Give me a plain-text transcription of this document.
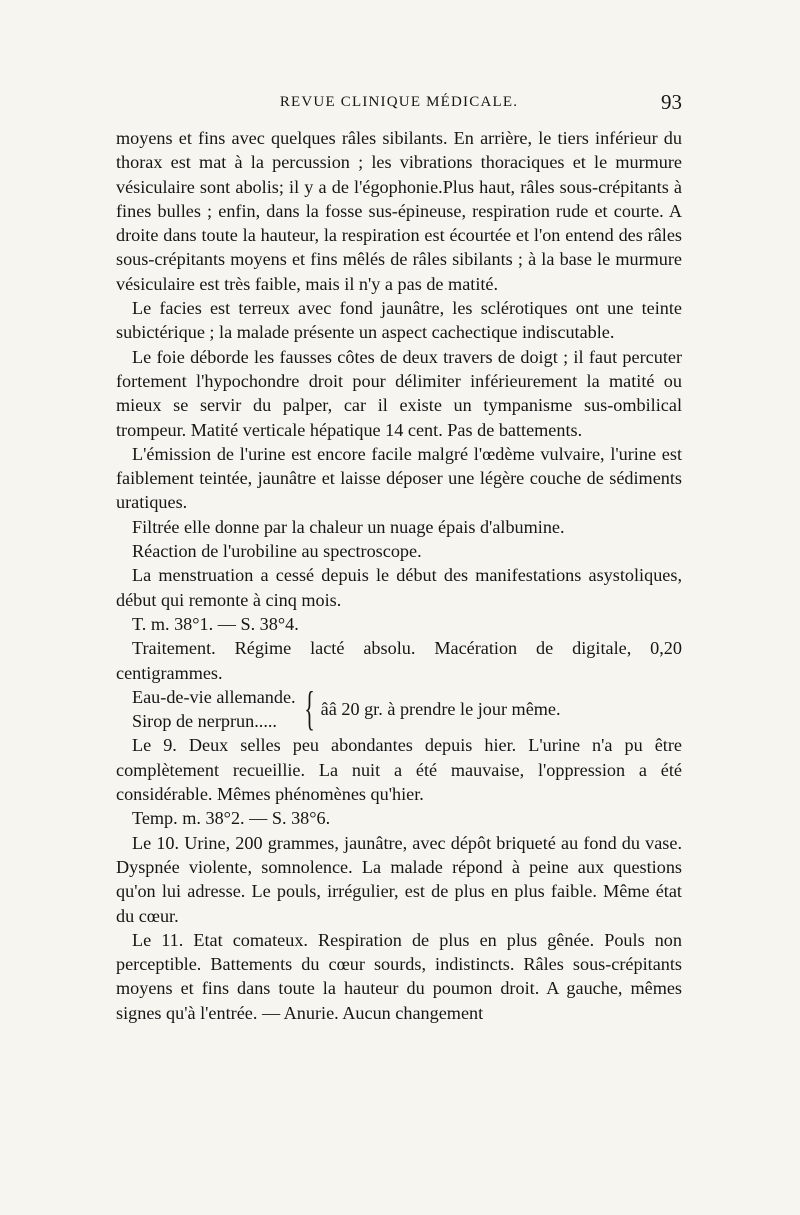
REVUE CLINIQUE MÉDICALE.	93

moyens et fins avec quelques râles sibilants. En arrière, le tiers inférieur du thorax est mat à la percussion ; les vibrations thoraciques et le murmure vésiculaire sont abolis; il y a de l'égophonie.Plus haut, râles sous-crépitants à fines bulles ; enfin, dans la fosse sus-épineuse, respiration rude et courte. A droite dans toute la hauteur, la respiration est écourtée et l'on entend des râles sous-crépitants moyens et fins mêlés de râles sibilants ; à la base le murmure vésiculaire est très faible, mais il n'y a pas de matité.

Le facies est terreux avec fond jaunâtre, les sclérotiques ont une teinte subictérique ; la malade présente un aspect cachectique indiscutable.

Le foie déborde les fausses côtes de deux travers de doigt ; il faut percuter fortement l'hypochondre droit pour délimiter inférieurement la matité ou mieux se servir du palper, car il existe un tympanisme sus-ombilical trompeur. Matité verticale hépatique 14 cent. Pas de battements.

L'émission de l'urine est encore facile malgré l'œdème vulvaire, l'urine est faiblement teintée, jaunâtre et laisse déposer une légère couche de sédiments uratiques.

Filtrée elle donne par la chaleur un nuage épais d'albumine.

Réaction de l'urobiline au spectroscope.

La menstruation a cessé depuis le début des manifestations asystoliques, début qui remonte à cinq mois.

T. m. 38°1. — S. 38°4.

Traitement. Régime lacté absolu. Macération de digitale, 0,20 centigrammes.

Eau-de-vie allemande.
Sirop de nerprun..... { ââ 20 gr. à prendre le jour même.

Le 9. Deux selles peu abondantes depuis hier. L'urine n'a pu être complètement recueillie. La nuit a été mauvaise, l'oppression a été considérable. Mêmes phénomènes qu'hier.

Temp. m. 38°2. — S. 38°6.

Le 10. Urine, 200 grammes, jaunâtre, avec dépôt briqueté au fond du vase. Dyspnée violente, somnolence. La malade répond à peine aux questions qu'on lui adresse. Le pouls, irrégulier, est de plus en plus faible. Même état du cœur.

Le 11. Etat comateux. Respiration de plus en plus gênée. Pouls non perceptible. Battements du cœur sourds, indistincts. Râles sous-crépitants moyens et fins dans toute la hauteur du poumon droit. A gauche, mêmes signes qu'à l'entrée. — Anurie. Aucun changement
